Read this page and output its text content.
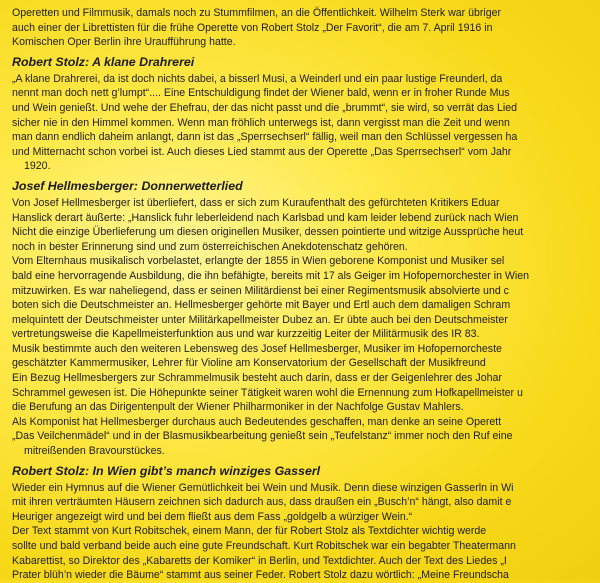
Operetten und Filmmusik, damals noch zu Stummfilmen, an die Öffentlichkeit. Wilhelm Sterk war übriger
auch einer der Librettisten für die frühe Operette von Robert Stolz „Der Favorit“, die am 7. April 1916 in
Komischen Oper Berlin ihre Uraufführung hatte.

Robert Stolz: A klane Drahrerei

„A klane Drahrerei, da ist doch nichts dabei, a bisserl Musi, a Weinderl und ein paar lustige Freunderl, da
nennt man doch nett g’lumpt“.... Eine Entschuldigung findet der Wiener bald, wenn er in froher Runde Mus
und Wein genießt. Und wehe der Ehefrau, der das nicht passt und die „brummt“, sie wird, so verrät das Lied
sicher nie in den Himmel kommen. Wenn man fröhlich unterwegs ist, dann vergisst man die Zeit und wenn
man dann endlich daheim anlangt, dann ist das „Sperrsechserl“ fällig, weil man den Schlüssel vergessen ha
und Mitternacht schon vorbei ist. Auch dieses Lied stammt aus der Operette „Das Sperrsechserl“ vom Jahr
1920.

Josef Hellmesberger: Donnerwetterlied

Von Josef Hellmesberger ist überliefert, dass er sich zum Kuraufenthalt des gefürchteten Kritikers Eduar
Hanslick derart äußerte: „Hanslick fuhr leberleidend nach Karlsbad und kam leider lebend zurück nach Wien
Nicht die einzige Überlieferung um diesen originellen Musiker, dessen pointierte und witzige Aussprüche heut
noch in bester Erinnerung sind und zum österreichischen Anekdotenschatz gehören.

Vom Elternhaus musikalisch vorbelastet, erlangte der 1855 in Wien geborene Komponist und Musiker sel
bald eine hervorragende Ausbildung, die ihn befähigte, bereits mit 17 als Geiger im Hofopernorchester in Wien
mitzuwirken. Es war naheliegend, dass er seinen Militärdienst bei einer Regimentsmusik absolvierte und c
boten sich die Deutschmeister an. Hellmesberger gehörte mit Bayer und Ertl auch dem damaligen Schram
melquintett der Deutschmeister unter Militärkapellmeister Dubez an. Er übte auch bei den Deutschmeister
vertretungsweise die Kapellmeisterfunktion aus und war kurzzeitig Leiter der Militärmusik des IR 83.

Musik bestimmte auch den weiteren Lebensweg des Josef Hellmesberger, Musiker im Hofopernorcheste
geschätzter Kammermusiker, Lehrer für Violine am Konservatorium der Gesellschaft der Musikfreund
Ein Bezug Hellmesbergers zur Schrammelmusik besteht auch darin, dass er der Geigenlehrer des Johar
Schrammel gewesen ist. Die Höhepunkte seiner Tätigkeit waren wohl die Ernennung zum Hofkapellmeister u
die Berufung an das Dirigentenpult der Wiener Philharmoniker in der Nachfolge Gustav Mahlers.

Als Komponist hat Hellmesberger durchaus auch Bedeutendes geschaffen, man denke an seine Operett
„Das Veilchenmädel“ und in der Blasmusikbearbeitung genießt sein „Teufelstanz“ immer noch den Ruf eine
mitreißenden Bravourstückes.

Robert Stolz: In Wien gibt’s manch winziges Gasserl

Wieder ein Hymnus auf die Wiener Gemütlichkeit bei Wein und Musik. Denn diese winzigen Gasserln in Wi
mit ihren verträumten Häusern zeichnen sich dadurch aus, dass draußen ein „Busch’n“ hängt, also damit e
Heuriger angezeigt wird und bei dem fließt aus dem Fass „goldgelb a würziger Wein.“

Der Text stammt von Kurt Robitschek, einem Mann, der für Robert Stolz als Textdichter wichtig werde
sollte und bald verband beide auch eine gute Freundschaft. Kurt Robitschek war ein begabter Theatermann
Kabarettist, so Direktor des „Kabaretts der Komiker“ in Berlin, und Textdichter. Auch der Text des Liedes „I
Prater blüh’n wieder die Bäume“ stammt aus seiner Feder. Robert Stolz dazu wörtlich: „Meine Freundscha
